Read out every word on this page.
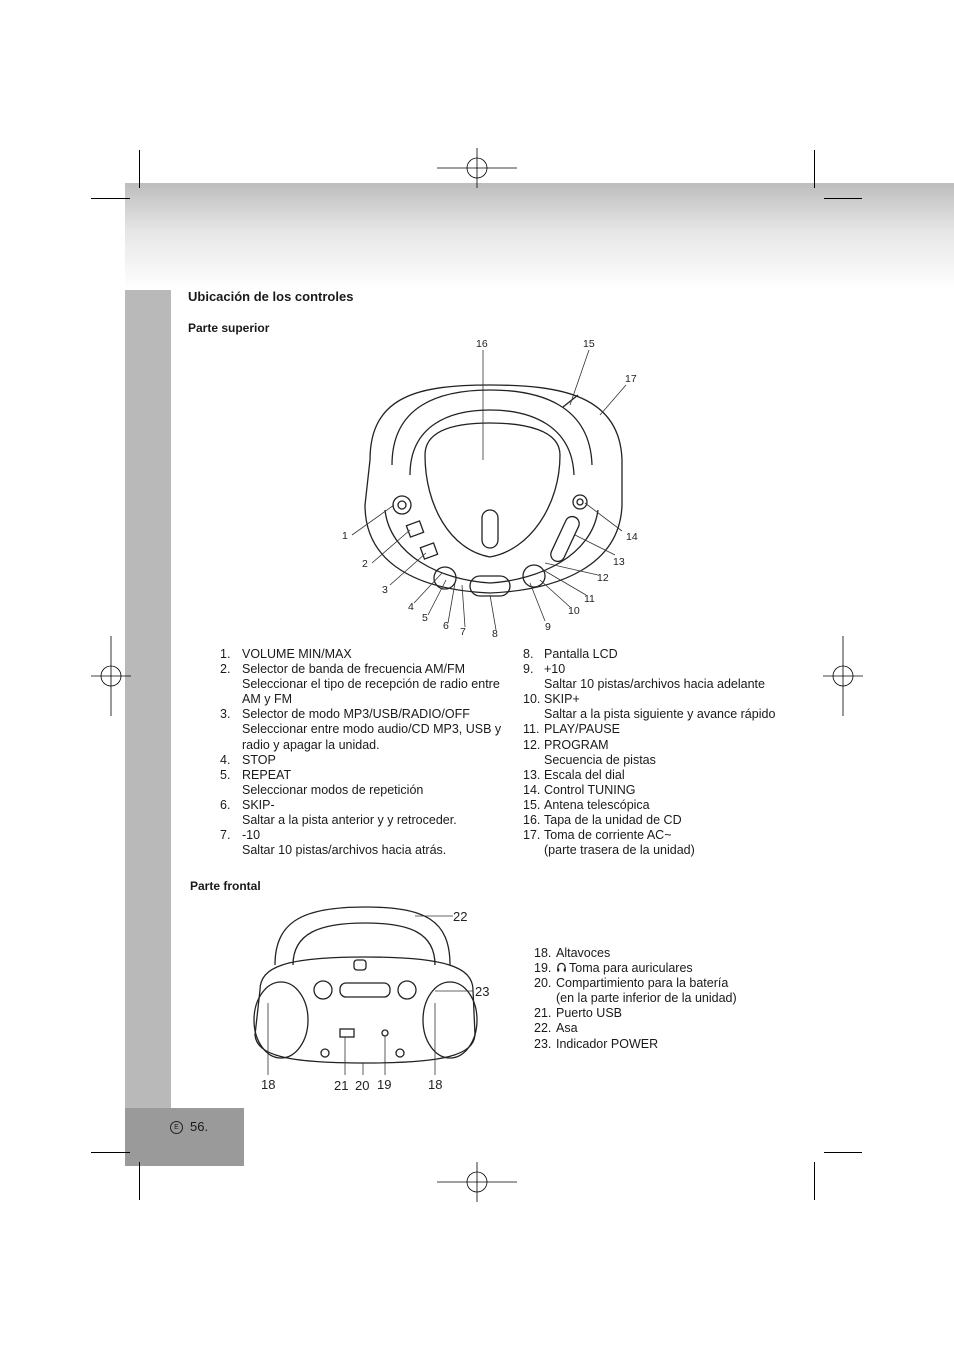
Ubicación de los controles

Parte superior

16	15
17
1
2
3
4
5
6 7 8
9
10
11
12
13
14
1. VOLUME MIN/MAX
2. Selector de banda de frecuencia AM/FM
Seleccionar el tipo de recepción de radio entre
AM y FM
3. Selector de modo MP3/USB/RADIO/OFF
Seleccionar entre modo audio/CD MP3, USB y
radio y apagar la unidad.
4. STOP
5. REPEAT
Seleccionar modos de repetición
6. SKIP-
Saltar a la pista anterior y y retroceder.
7. -10
Saltar 10 pistas/archivos hacia atrás.
8. Pantalla LCD
9. +10
Saltar 10 pistas/archivos hacia adelante
10. SKIP+
Saltar a la pista siguiente y avance rápido
11. PLAY/PAUSE
12. PROGRAM
Secuencia de pistas
13. Escala del dial
14. Control TUNING
15. Antena telescópica
16. Tapa de la unidad de CD
17. Toma de corriente AC~
(parte trasera de la unidad)

Parte frontal

22
23
18	21 20 19	18
18. Altavoces
19.	Toma para auriculares
20. Compartimiento para la batería
(en la parte inferior de la unidad)
21. Puerto USB
22. Asa
23. Indicador POWER
E 56.
